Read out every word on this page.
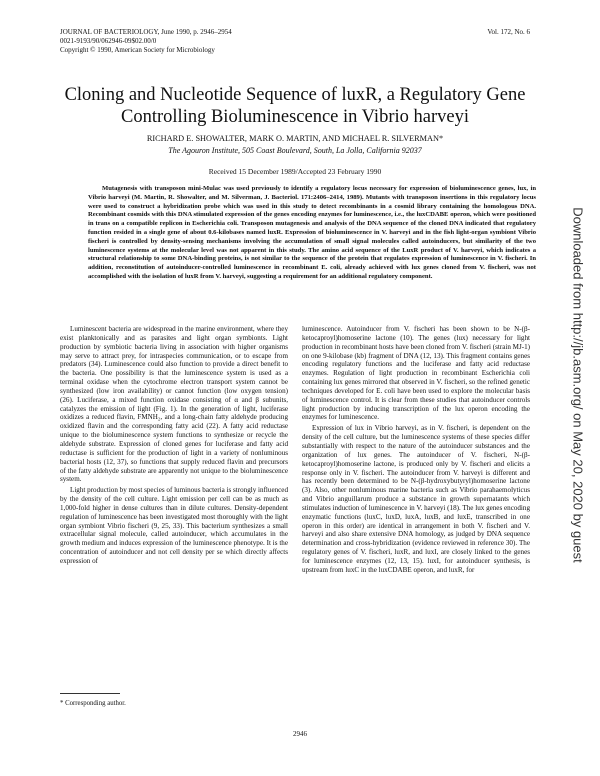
JOURNAL OF BACTERIOLOGY, June 1990, p. 2946–2954
0021-9193/90/062946-09$02.00/0
Copyright © 1990, American Society for Microbiology
Vol. 172, No. 6
Cloning and Nucleotide Sequence of luxR, a Regulatory Gene Controlling Bioluminescence in Vibrio harveyi
RICHARD E. SHOWALTER, MARK O. MARTIN, AND MICHAEL R. SILVERMAN*
The Agouron Institute, 505 Coast Boulevard, South, La Jolla, California 92037
Received 15 December 1989/Accepted 23 February 1990
Mutagenesis with transposon mini-Mulac was used previously to identify a regulatory locus necessary for expression of bioluminescence genes, lux, in Vibrio harveyi (M. Martin, R. Showalter, and M. Silverman, J. Bacteriol. 171:2406–2414, 1989). Mutants with transposon insertions in this regulatory locus were used to construct a hybridization probe which was used in this study to detect recombinants in a cosmid library containing the homologous DNA. Recombinant cosmids with this DNA stimulated expression of the genes encoding enzymes for luminescence, i.e., the luxCDABE operon, which were positioned in trans on a compatible replicon in Escherichia coli. Transposon mutagenesis and analysis of the DNA sequence of the cloned DNA indicated that regulatory function resided in a single gene of about 0.6-kilobases named luxR. Expression of bioluminescence in V. harveyi and in the fish light-organ symbiont Vibrio fischeri is controlled by density-sensing mechanisms involving the accumulation of small signal molecules called autoinducers, but similarity of the two luminescence systems at the molecular level was not apparent in this study. The amino acid sequence of the LuxR product of V. harveyi, which indicates a structural relationship to some DNA-binding proteins, is not similar to the sequence of the protein that regulates expression of luminescence in V. fischeri. In addition, reconstitution of autoinducer-controlled luminescence in recombinant E. coli, already achieved with lux genes cloned from V. fischeri, was not accomplished with the isolation of luxR from V. harveyi, suggesting a requirement for an additional regulatory component.

Luminescent bacteria are widespread in the marine environment, where they exist planktonically and as parasites and light organ symbionts. Light production by symbiotic bacteria living in association with higher organisms may serve to attract prey, for intraspecies communication, or to escape from predators (34). Luminescence could also function to provide a direct benefit to the bacteria. One possibility is that the luminescence system is used as a terminal oxidase when the cytochrome electron transport system cannot be synthesized (low iron availability) or cannot function (low oxygen tension) (26). Luciferase, a mixed function oxidase consisting of α and β subunits, catalyzes the emission of light (Fig. 1). In the generation of light, luciferase oxidizes a reduced flavin, FMNH₂, and a long-chain fatty aldehyde producing oxidized flavin and the corresponding fatty acid (22). A fatty acid reductase unique to the bioluminescence system functions to synthesize or recycle the aldehyde substrate. Expression of cloned genes for luciferase and fatty acid reductase is sufficient for the production of light in a variety of nonluminous bacterial hosts (12, 37), so functions that supply reduced flavin and precursors of the fatty aldehyde substrate are apparently not unique to the bioluminescence system.

Light production by most species of luminous bacteria is strongly influenced by the density of the cell culture. Light emission per cell can be as much as 1,000-fold higher in dense cultures than in dilute cultures. Density-dependent regulation of luminescence has been investigated most thoroughly with the light organ symbiont Vibrio fischeri (9, 25, 33). This bacterium synthesizes a small extracellular signal molecule, called autoinducer, which accumulates in the growth medium and induces expression of the luminescence phenotype. It is the concentration of autoinducer and not cell density per se which directly affects expression of

luminescence. Autoinducer from V. fischeri has been shown to be N-(β-ketocaproyl)homoserine lactone (10). The genes (lux) necessary for light production in recombinant hosts have been cloned from V. fischeri (strain MJ-1) on one 9-kilobase (kb) fragment of DNA (12, 13). This fragment contains genes encoding regulatory functions and the luciferase and fatty acid reductase enzymes. Regulation of light production in recombinant Escherichia coli containing lux genes mirrored that observed in V. fischeri, so the refined genetic techniques developed for E. coli have been used to explore the molecular basis of luminescence control. It is clear from these studies that autoinducer controls light production by inducing transcription of the lux operon encoding the enzymes for luminescence.

Expression of lux in Vibrio harveyi, as in V. fischeri, is dependent on the density of the cell culture, but the luminescence systems of these species differ substantially with respect to the nature of the autoinducer substances and the organization of lux genes. The autoinducer of V. fischeri, N-(β-ketocaproyl)homoserine lactone, is produced only by V. fischeri and elicits a response only in V. fischeri. The autoinducer from V. harveyi is different and has recently been determined to be N-(β-hydroxybutyryl)homoserine lactone (3). Also, other nonluminous marine bacteria such as Vibrio parahaemolyticus and Vibrio anguillarum produce a substance in growth supernatants which stimulates induction of luminescence in V. harveyi (18). The lux genes encoding enzymatic functions (luxC, luxD, luxA, luxB, and luxE, transcribed in one operon in this order) are identical in arrangement in both V. fischeri and V. harveyi and also share extensive DNA homology, as judged by DNA sequence determination and cross-hybridization (evidence reviewed in reference 30). The regulatory genes of V. fischeri, luxR, and luxI, are closely linked to the genes for luminescence enzymes (12, 13, 15). luxI, for autoinducer synthesis, is upstream from luxC in the luxCDABE operon, and luxR, for

* Corresponding author.
2946
Downloaded from http://jb.asm.org/ on May 20, 2020 by guest
